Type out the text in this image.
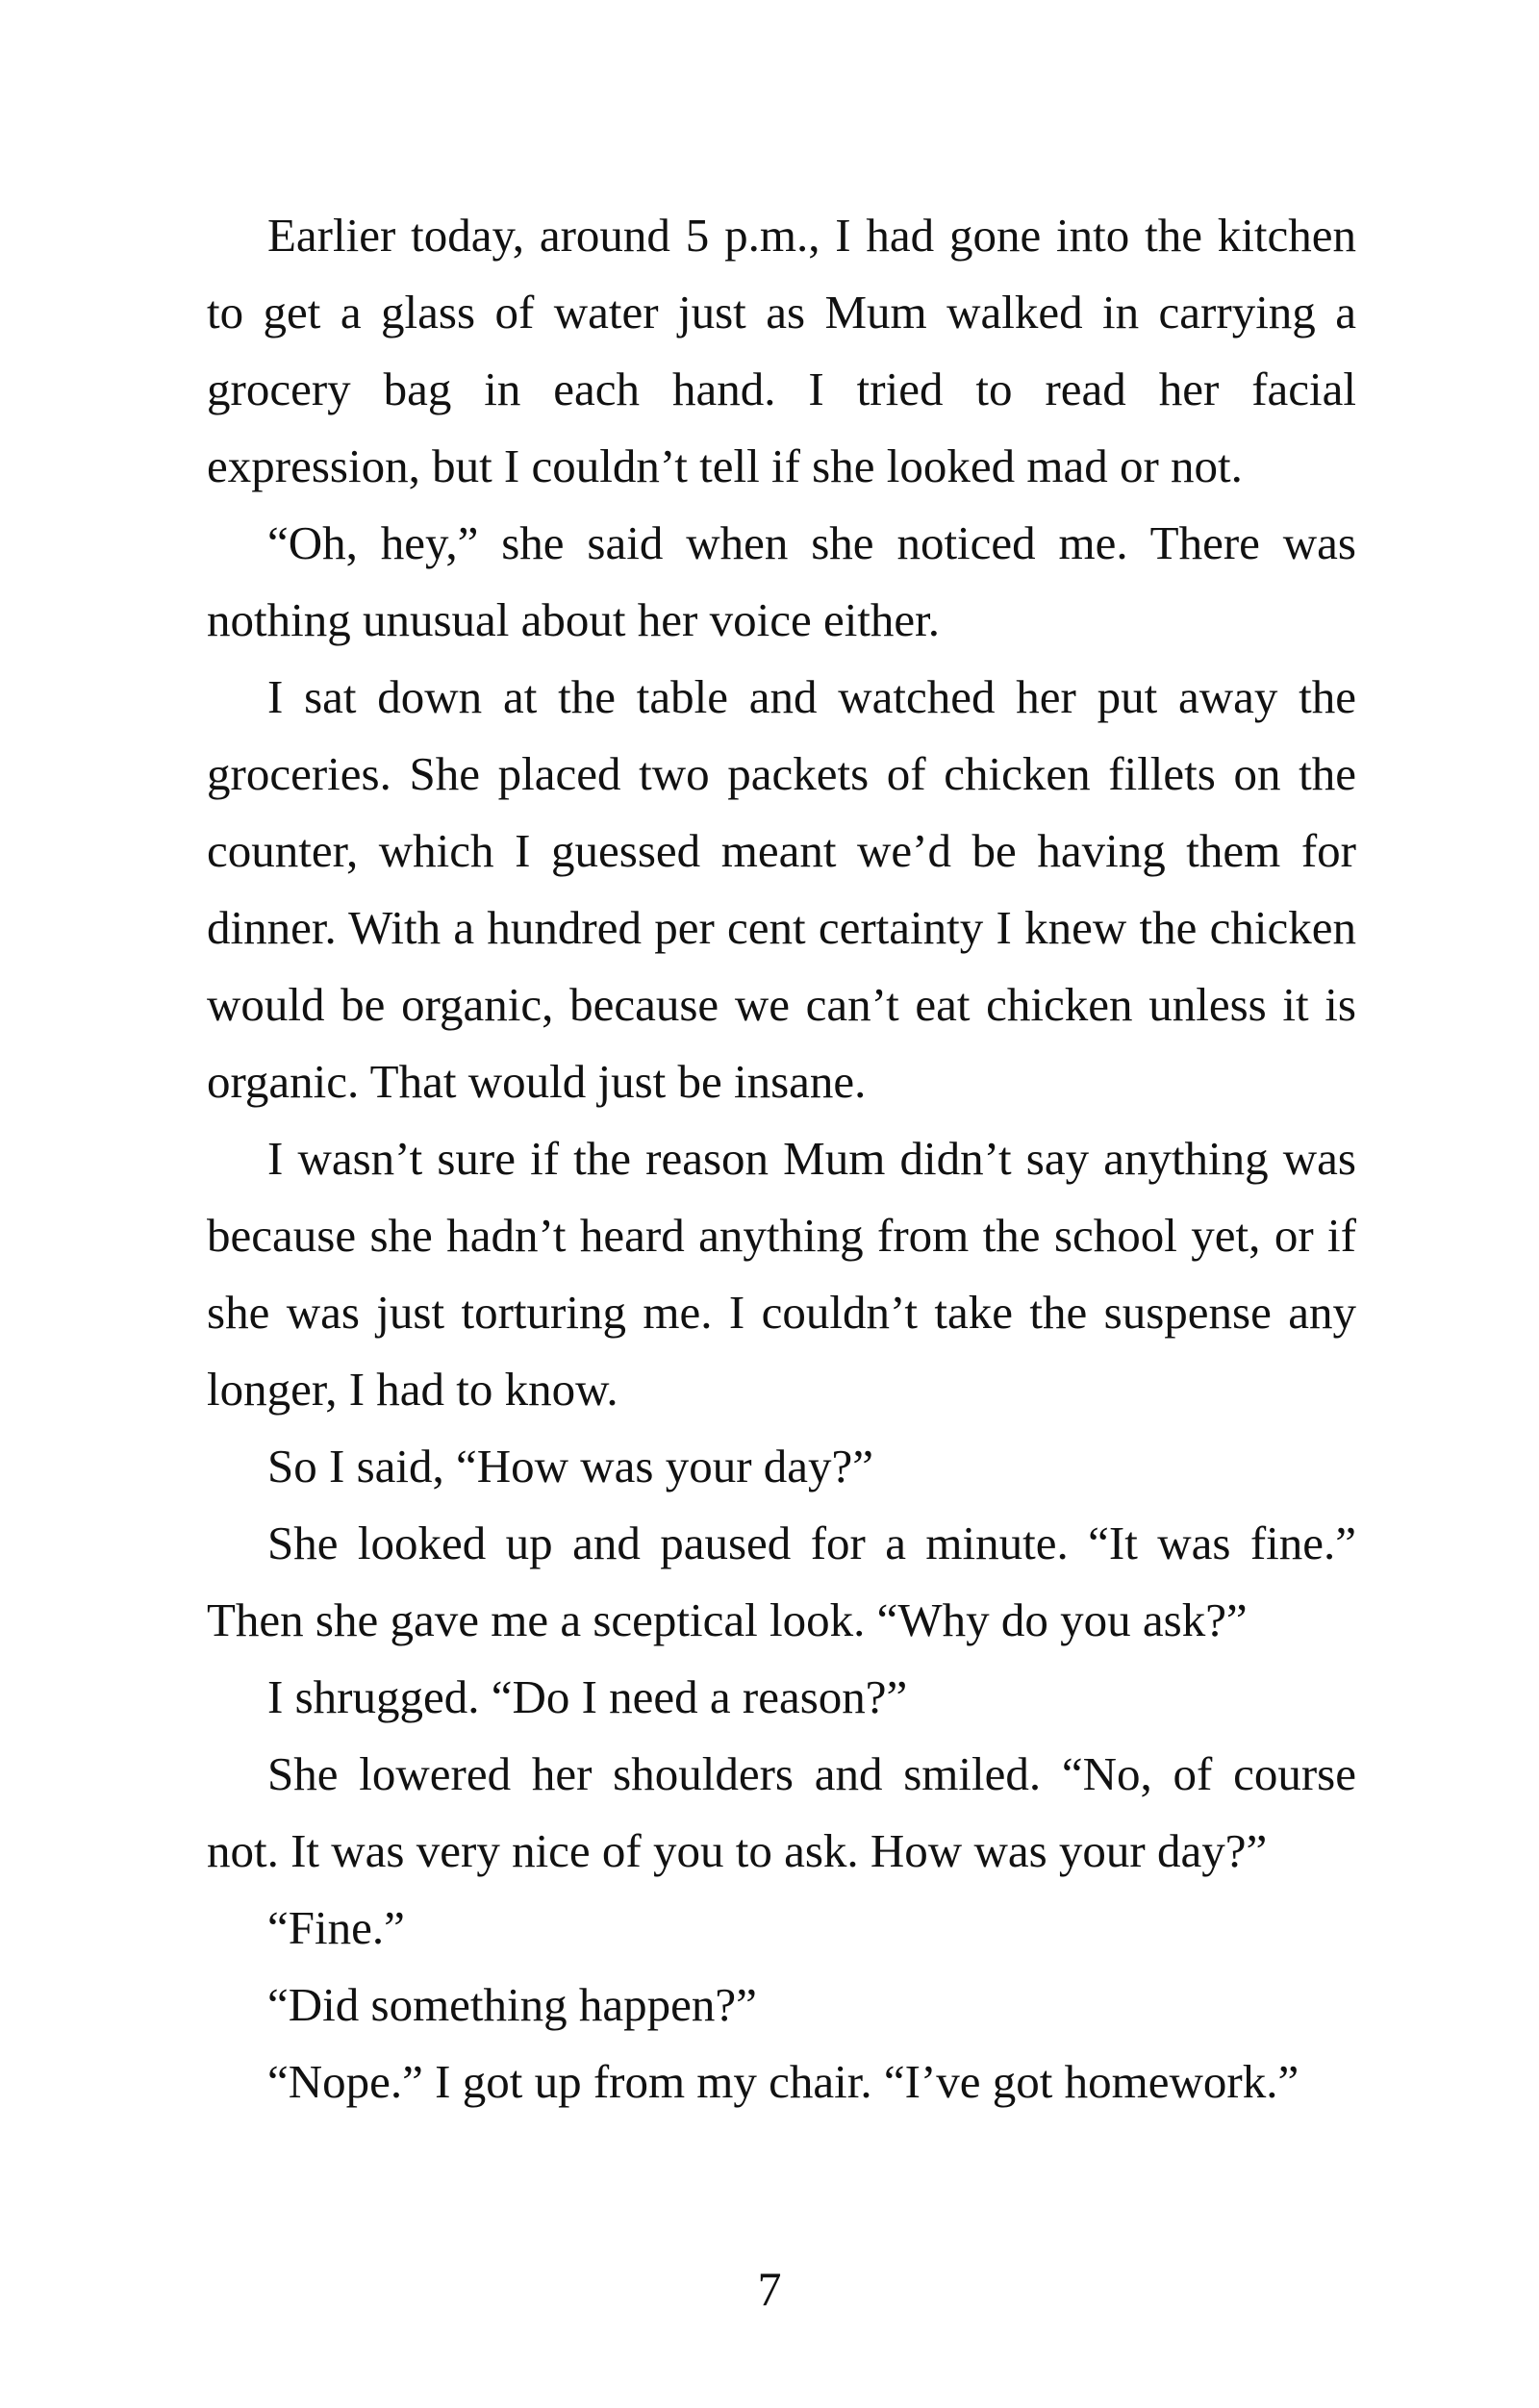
Earlier today, around 5 p.m., I had gone into the kitchen to get a glass of water just as Mum walked in carrying a grocery bag in each hand. I tried to read her facial expression, but I couldn’t tell if she looked mad or not.

“Oh, hey,” she said when she noticed me. There was nothing unusual about her voice either.

I sat down at the table and watched her put away the groceries. She placed two packets of chicken fillets on the counter, which I guessed meant we’d be having them for dinner. With a hundred per cent certainty I knew the chicken would be organic, because we can’t eat chicken unless it is organic. That would just be insane.

I wasn’t sure if the reason Mum didn’t say anything was because she hadn’t heard anything from the school yet, or if she was just torturing me. I couldn’t take the suspense any longer, I had to know.

So I said, “How was your day?”

She looked up and paused for a minute. “It was fine.” Then she gave me a sceptical look. “Why do you ask?”

I shrugged. “Do I need a reason?”

She lowered her shoulders and smiled. “No, of course not. It was very nice of you to ask. How was your day?”

“Fine.”

“Did something happen?”

“Nope.” I got up from my chair. “I’ve got homework.”

7
